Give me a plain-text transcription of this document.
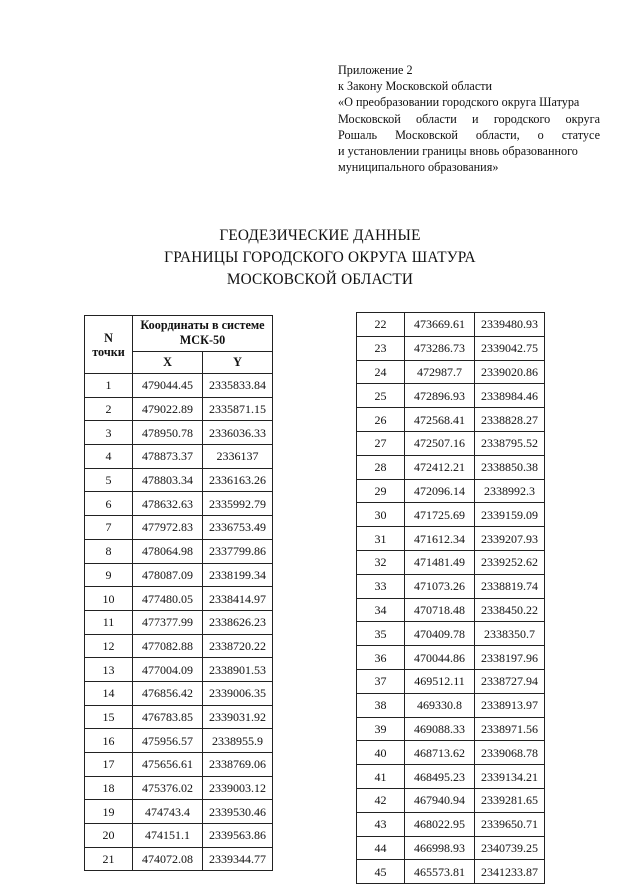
Приложение 2
к Закону Московской области
«О преобразовании городского округа Шатура
Московской области и городского округа
Рошаль Московской области, о статусе
и установлении границы вновь образованного
муниципального образования»
ГЕОДЕЗИЧЕСКИЕ ДАННЫЕ
ГРАНИЦЫ ГОРОДСКОГО ОКРУГА ШАТУРА
МОСКОВСКОЙ ОБЛАСТИ
N
точки	Координаты в системе
МСК-50	
	X	Y
1	479044.45	2335833.84
2	479022.89	2335871.15
3	478950.78	2336036.33
4	478873.37	2336137
5	478803.34	2336163.26
6	478632.63	2335992.79
7	477972.83	2336753.49
8	478064.98	2337799.86
9	478087.09	2338199.34
10	477480.05	2338414.97
11	477377.99	2338626.23
12	477082.88	2338720.22
13	477004.09	2338901.53
14	476856.42	2339006.35
15	476783.85	2339031.92
16	475956.57	2338955.9
17	475656.61	2338769.06
18	475376.02	2339003.12
19	474743.4	2339530.46
20	474151.1	2339563.86
21	474072.08	2339344.77
22	473669.61	2339480.93
23	473286.73	2339042.75
24	472987.7	2339020.86
25	472896.93	2338984.46
26	472568.41	2338828.27
27	472507.16	2338795.52
28	472412.21	2338850.38
29	472096.14	2338992.3
30	471725.69	2339159.09
31	471612.34	2339207.93
32	471481.49	2339252.62
33	471073.26	2338819.74
34	470718.48	2338450.22
35	470409.78	2338350.7
36	470044.86	2338197.96
37	469512.11	2338727.94
38	469330.8	2338913.97
39	469088.33	2338971.56
40	468713.62	2339068.78
41	468495.23	2339134.21
42	467940.94	2339281.65
43	468022.95	2339650.71
44	466998.93	2340739.25
45	465573.81	2341233.87
